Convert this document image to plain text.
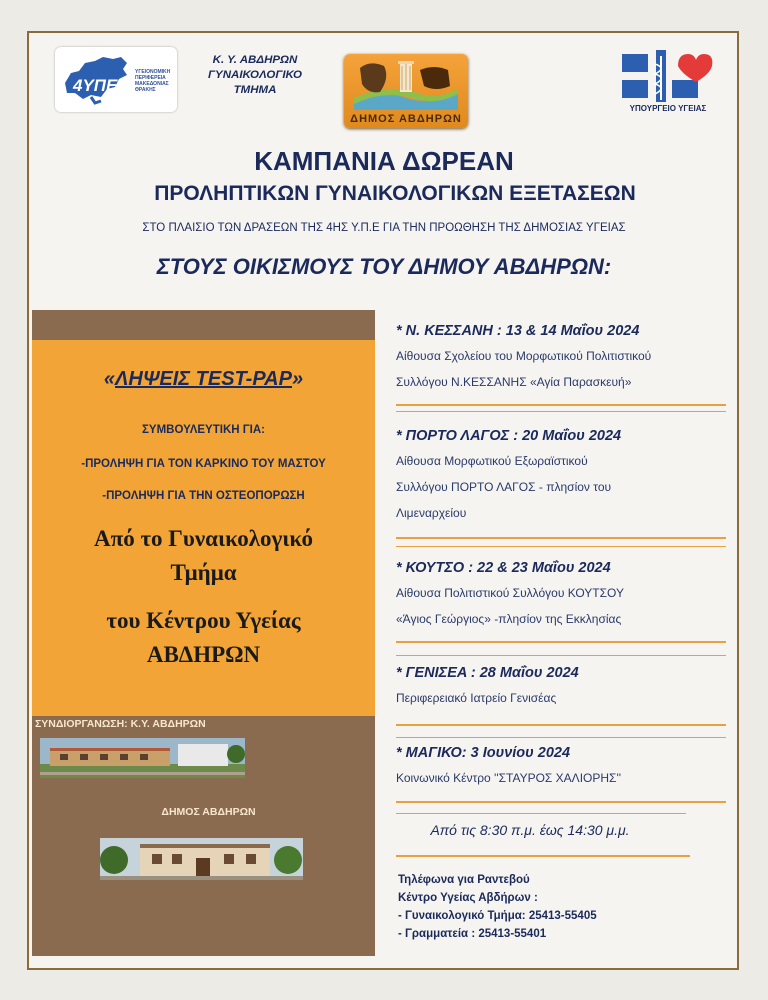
4ΥΠΕ
ΥΓΕΙΟΝΟΜΙΚΗ ΠΕΡΙΦΕΡΕΙΑ ΜΑΚΕΔΟΝΙΑΣ ΘΡΑΚΗΣ
Κ. Υ. ΑΒΔΗΡΩΝ
ΓΥΝΑΙΚΟΛΟΓΙΚΟ
ΤΜΗΜΑ
ΔΗΜΟΣ ΑΒΔΗΡΩΝ
ΥΠΟΥΡΓΕΙΟ ΥΓΕΙΑΣ
ΚΑΜΠΑΝΙΑ ΔΩΡΕΑΝ
ΠΡΟΛΗΠΤΙΚΩΝ ΓΥΝΑΙΚΟΛΟΓΙΚΩΝ ΕΞΕΤΑΣΕΩΝ
ΣΤΟ ΠΛΑΙΣΙΟ ΤΩΝ ΔΡΑΣΕΩΝ ΤΗΣ 4ΗΣ Υ.Π.Ε ΓΙΑ ΤΗΝ ΠΡΟΩΘΗΣΗ ΤΗΣ ΔΗΜΟΣΙΑΣ ΥΓΕΙΑΣ
ΣΤΟΥΣ ΟΙΚΙΣΜΟΥΣ ΤΟΥ ΔΗΜΟΥ ΑΒΔΗΡΩΝ:
«ΛΗΨΕΙΣ TEST-PAP»
ΣΥΜΒΟΥΛΕΥΤΙΚΗ ΓΙΑ:
-ΠΡΟΛΗΨΗ ΓΙΑ ΤΟΝ ΚΑΡΚΙΝΟ ΤΟΥ ΜΑΣΤΟΥ
-ΠΡΟΛΗΨΗ ΓΙΑ ΤΗΝ ΟΣΤΕΟΠΟΡΩΣΗ
Από το Γυναικολογικό
Τμήμα
του Κέντρου Υγείας
ΑΒΔΗΡΩΝ
ΣΥΝΔΙΟΡΓΑΝΩΣΗ: Κ.Υ. ΑΒΔΗΡΩΝ
ΔΗΜΟΣ ΑΒΔΗΡΩΝ
* Ν. ΚΕΣΣΑΝΗ : 13 & 14 Μαΐου 2024
Αίθουσα Σχολείου του Μορφωτικού Πολιτιστικού
Συλλόγου Ν.ΚΕΣΣΑΝΗΣ «Αγία Παρασκευή»
* ΠΟΡΤΟ ΛΑΓΟΣ : 20 Μαΐου 2024
Αίθουσα Μορφωτικού Εξωραϊστικού
Συλλόγου ΠΟΡΤΟ ΛΑΓΟΣ - πλησίον του
Λιμεναρχείου
* ΚΟΥΤΣΟ : 22 & 23 Μαΐου 2024
Αίθουσα Πολιτιστικού Συλλόγου ΚΟΥΤΣΟΥ
«Άγιος Γεώργιος» -πλησίον της Εκκλησίας
* ΓΕΝΙΣΕΑ : 28 Μαΐου 2024
Περιφερειακό Ιατρείο Γενισέας
* ΜΑΓΙΚΟ: 3 Ιουνίου 2024
Κοινωνικό Κέντρο ''ΣΤΑΥΡΟΣ ΧΑΛΙΟΡΗΣ''
Από τις 8:30 π.μ. έως 14:30 μ.μ.
Τηλέφωνα για Ραντεβού
Κέντρο Υγείας Αβδήρων :
- Γυναικολογικό Τμήμα: 25413-55405
- Γραμματεία : 25413-55401
